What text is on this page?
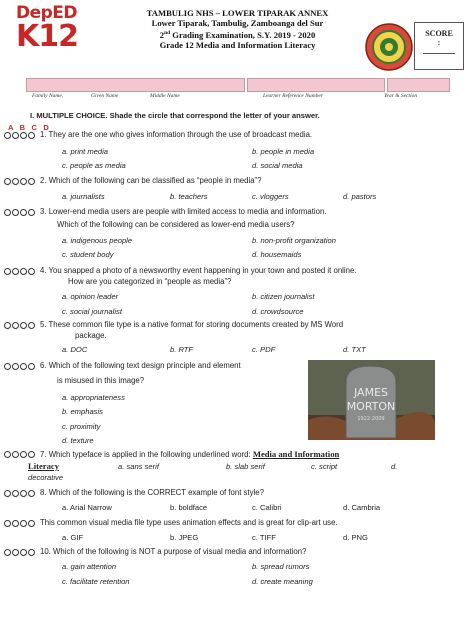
DepED
K12
TAMBULIG NHS – LOWER TIPARAK ANNEX
Lower Tiparak, Tambulig, Zamboanga del Sur
2nd Grading Examination, S.Y. 2019 - 2020
Grade 12 Media and Information Literacy
SCORE
:
Family Name,	Given Name	Middle Name	Learner Reference Number	Year & Section
I. MULTIPLE CHOICE. Shade the circle that correspond the letter of your answer.
A B C D
1. They are the one who gives information through the use of broadcast media.
a. print media	b. people in media
c. people as media	d. social media
2. Which of the following can be classified as “people in media”?
a. journalists	b. teachers	c. vloggers	d. pastors
3. Lower-end media users are people with limited access to media and information.
Which of the following can be considered as lower-end media users?
a. indigenous people	b. non-profit organization
c. student body	d. housemaids
4. You snapped a photo of a newsworthy event happening in your town and posted it online.
How are you categorized in “people as media”?
a. opinion leader	b. citizen journalist
c. social journalist	d. crowdsource
5. These common file type is a native format for storing documents created by MS Word
package.
a. DOC	b. RTF	c. PDF	d. TXT
6. Which of the following text design principle and element
is misused in this image?
a. appropriateness
b. emphasis
c. proximity
d. texture
JAMES
MORTON
1922-2009
7. Which typeface is applied in the following underlined word: Media and Information
Literacy	a. sans serif	b. slab serif	c. script	d.
decorative
8. Which of the following is the CORRECT example of font style?
a. Arial Narrow	b. boldface	c. Calibri	d. Cambria
This common visual media file type uses animation effects and is great for clip-art use.
a. GIF	b. JPEG	c. TIFF	d. PNG
10. Which of the following is NOT a purpose of visual media and information?
a. gain attention	b. spread rumors
c. facilitate retention	d. create meaning
